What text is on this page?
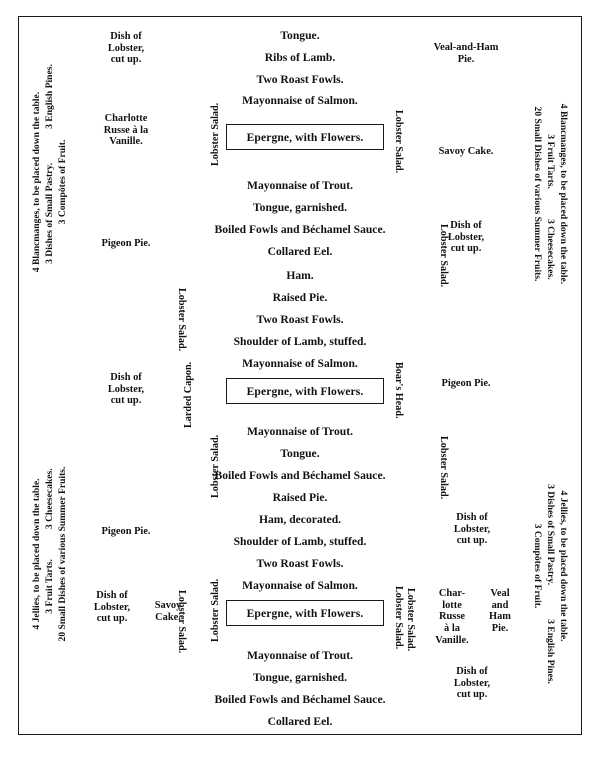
Tongue.
Ribs of Lamb.
Two Roast Fowls.
Mayonnaise of Salmon.
Epergne, with Flowers.
Lobster Salad.	Lobster Salad.
Mayonnaise of Trout.
Tongue, garnished.
Boiled Fowls and Béchamel Sauce.
Collared Eel.
Ham.
Raised Pie.
Two Roast Fowls.
Shoulder of Lamb, stuffed.
Mayonnaise of Salmon.
Epergne, with Flowers.
Larded Capon.	Boar's Head.
Mayonnaise of Trout.
Tongue.
Boiled Fowls and Béchamel Sauce.
Raised Pie.
Ham, decorated.
Shoulder of Lamb, stuffed.
Two Roast Fowls.
Mayonnaise of Salmon.
Epergne, with Flowers.
Lobster Salad.	Lobster Salad.
Mayonnaise of Trout.
Tongue, garnished.
Boiled Fowls and Béchamel Sauce.
Collared Eel.
Lobster Salad.
Lobster Salad.
Lobster Salad.
Lobster Salad.
Lobster Salad.
Lobster Salad.
Dish of
Lobster,
cut up.
Charlotte
Russe à la
Vanille.
Pigeon Pie.
Dish of
Lobster,
cut up.
Pigeon Pie.
Dish of
Lobster,
cut up.
Savoy
Cake.
Veal-and-Ham
Pie.
Savoy Cake.
Dish of
Lobster,
cut up.
Pigeon Pie.
Dish of
Lobster,
cut up.
Char-
lotte
Russe
à la
Vanille.
Veal
and
Ham
Pie.
Dish of
Lobster,
cut up.
4 Blancmanges, to be placed down the table. 3 Dishes of Small Pastry.3 English Pines.
3 Compôtes of Fruit.
4 Jellies, to be placed down the table. 3 Fruit Tarts.3 Cheesecakes. 20 Small Dishes of various Summer Fruits.
4 Blancmanges, to be placed down the table.
3 Fruit Tarts.3 Cheesecakes.
20 Small Dishes of various Summer Fruits.
4 Jellies, to be placed down the table.
3 Dishes of Small Pastry.3 English Pines.
3 Compôtes of Fruit.
